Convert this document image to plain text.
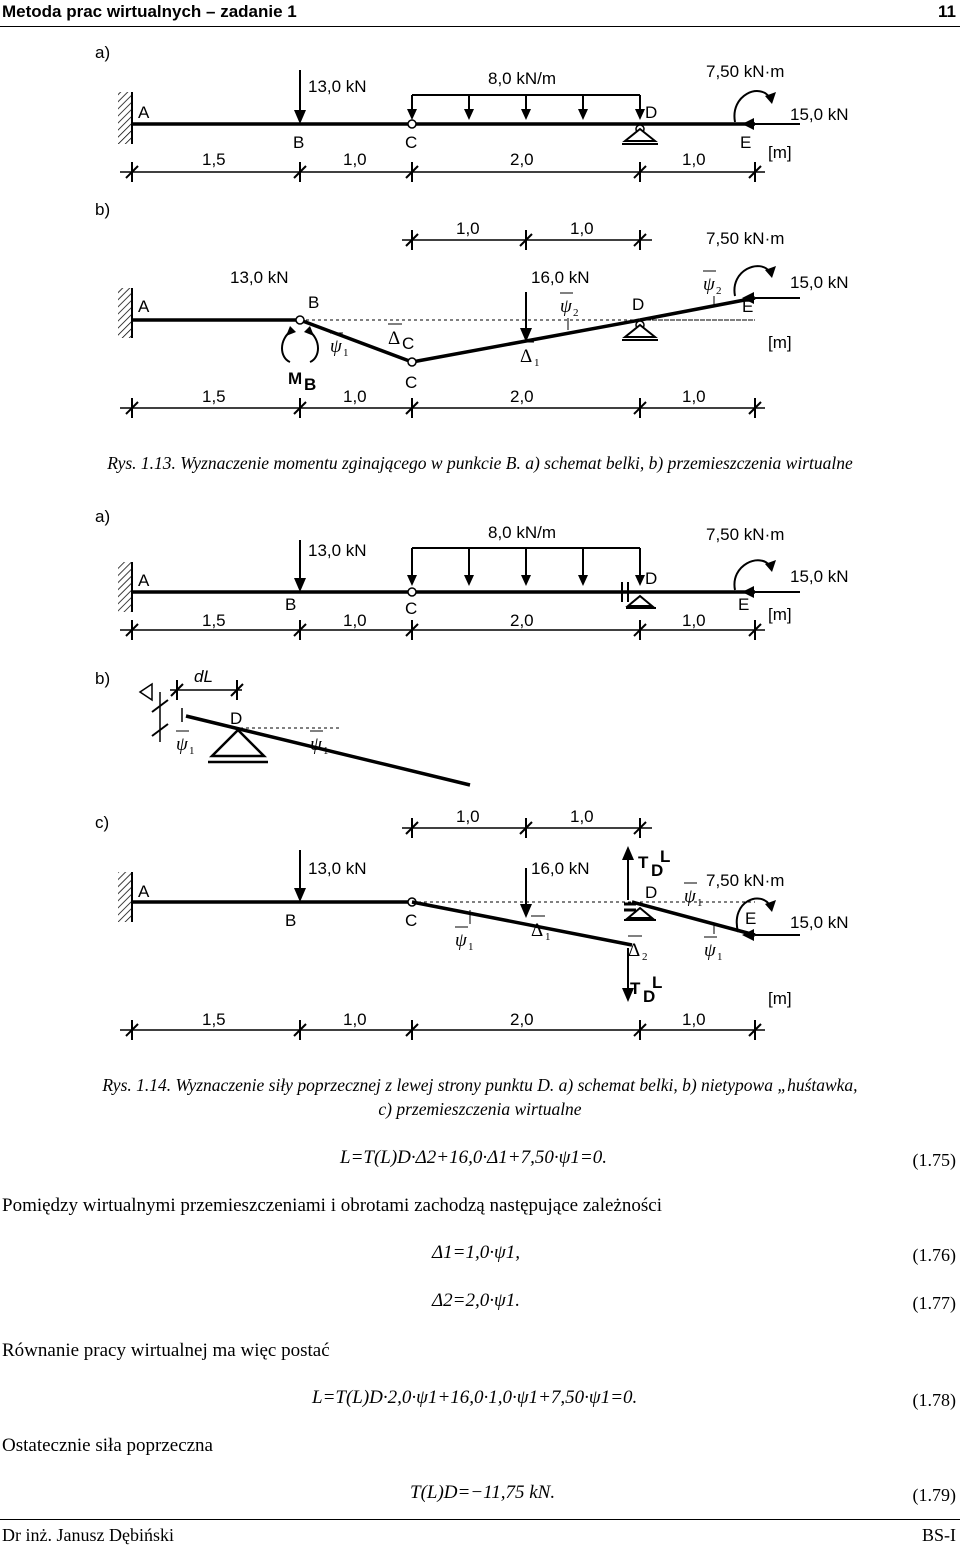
Metoda prac wirtualnych – zadanie 1	11
a)
A
13,0 kN
B	C
8,0 kN/m
D
7,50 kN·m
15,0 kN
E
[m]
1,5	1,0	2,0	1,0
b)
1,0	1,0
7,50 kN·m
A
M B
13,0 kN
B
C
ψ 1
Δ C
16,0 kN
Δ 1
ψ 2	D
ψ 2	15,0 kN
E
[m]
1,5	1,0	2,0	1,0
a)
A
13,0 kN
B	C
8,0 kN/m
D
7,50 kN·m
15,0 kN
E
[m]
1,5	1,0	2,0	1,0
b)	dL
D
ψ 1	ψ 1
c)	1,0	1,0
A
13,0 kN
B	C
ψ 1
16,0 kN
Δ 1
T D
L
D
Δ 2
T D
L
ψ 1
ψ 1
7,50 kN·m
15,0 kN
E
[m]
1,5	1,0	2,0	1,0
Rys. 1.13. Wyznaczenie momentu zginającego w punkcie B. a) schemat belki, b) przemieszczenia wirtualne
Rys. 1.14. Wyznaczenie siły poprzecznej z lewej strony punktu D. a) schemat belki, b) nietypowa „huśtawka,
c) przemieszczenia wirtualne
L=T(L)D·Δ2+16,0·Δ1+7,50·ψ1=0.	(1.75)
Pomiędzy wirtualnymi przemieszczeniami i obrotami zachodzą następujące zależności
Δ1=1,0·ψ1,	(1.76)
Δ2=2,0·ψ1.	(1.77)
Równanie pracy wirtualnej ma więc postać
L=T(L)D·2,0·ψ1+16,0·1,0·ψ1+7,50·ψ1=0.	(1.78)
Ostatecznie siła poprzeczna
T(L)D=−11,75 kN.	(1.79)
Dr inż. Janusz Dębiński	BS-I
